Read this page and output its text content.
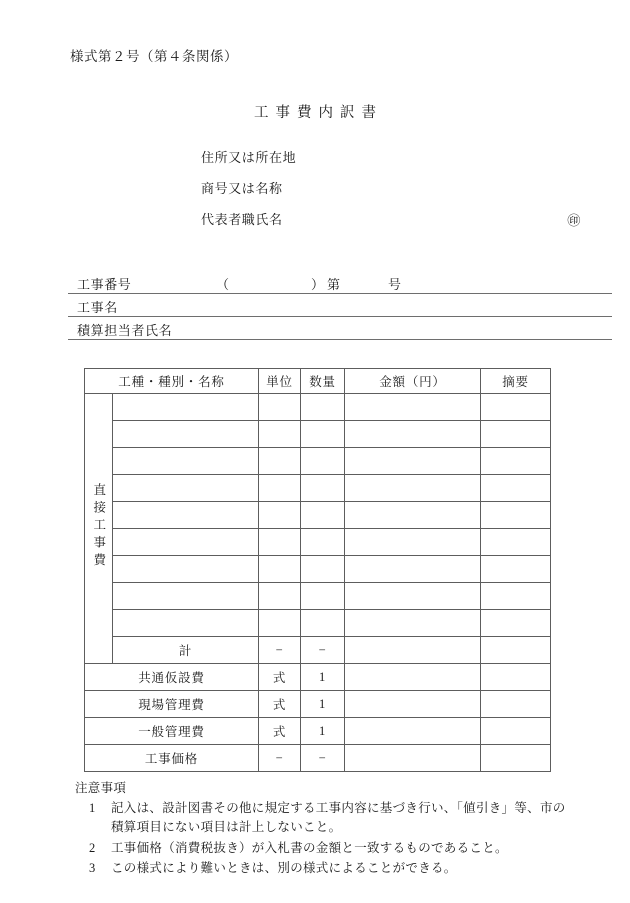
様式第２号（第４条関係）
工事費内訳書
住所又は所在地
商号又は名称
代表者職氏名	㊞
工事番号	（	） 第	号
工事名
積算担当者氏名
工種・種別・名称		単位	数量	金額（円）	摘要
直接工事費					

	計	−	−		
共通仮設費		式	1		
現場管理費		式	1		
一般管理費		式	1		
工事価格		−	−		
注意事項
1 記入は、設計図書その他に規定する工事内容に基づき行い、「値引き」等、市の積算項目にない項目は計上しないこと。
2 工事価格（消費税抜き）が入札書の金額と一致するものであること。
3 この様式により難いときは、別の様式によることができる。
